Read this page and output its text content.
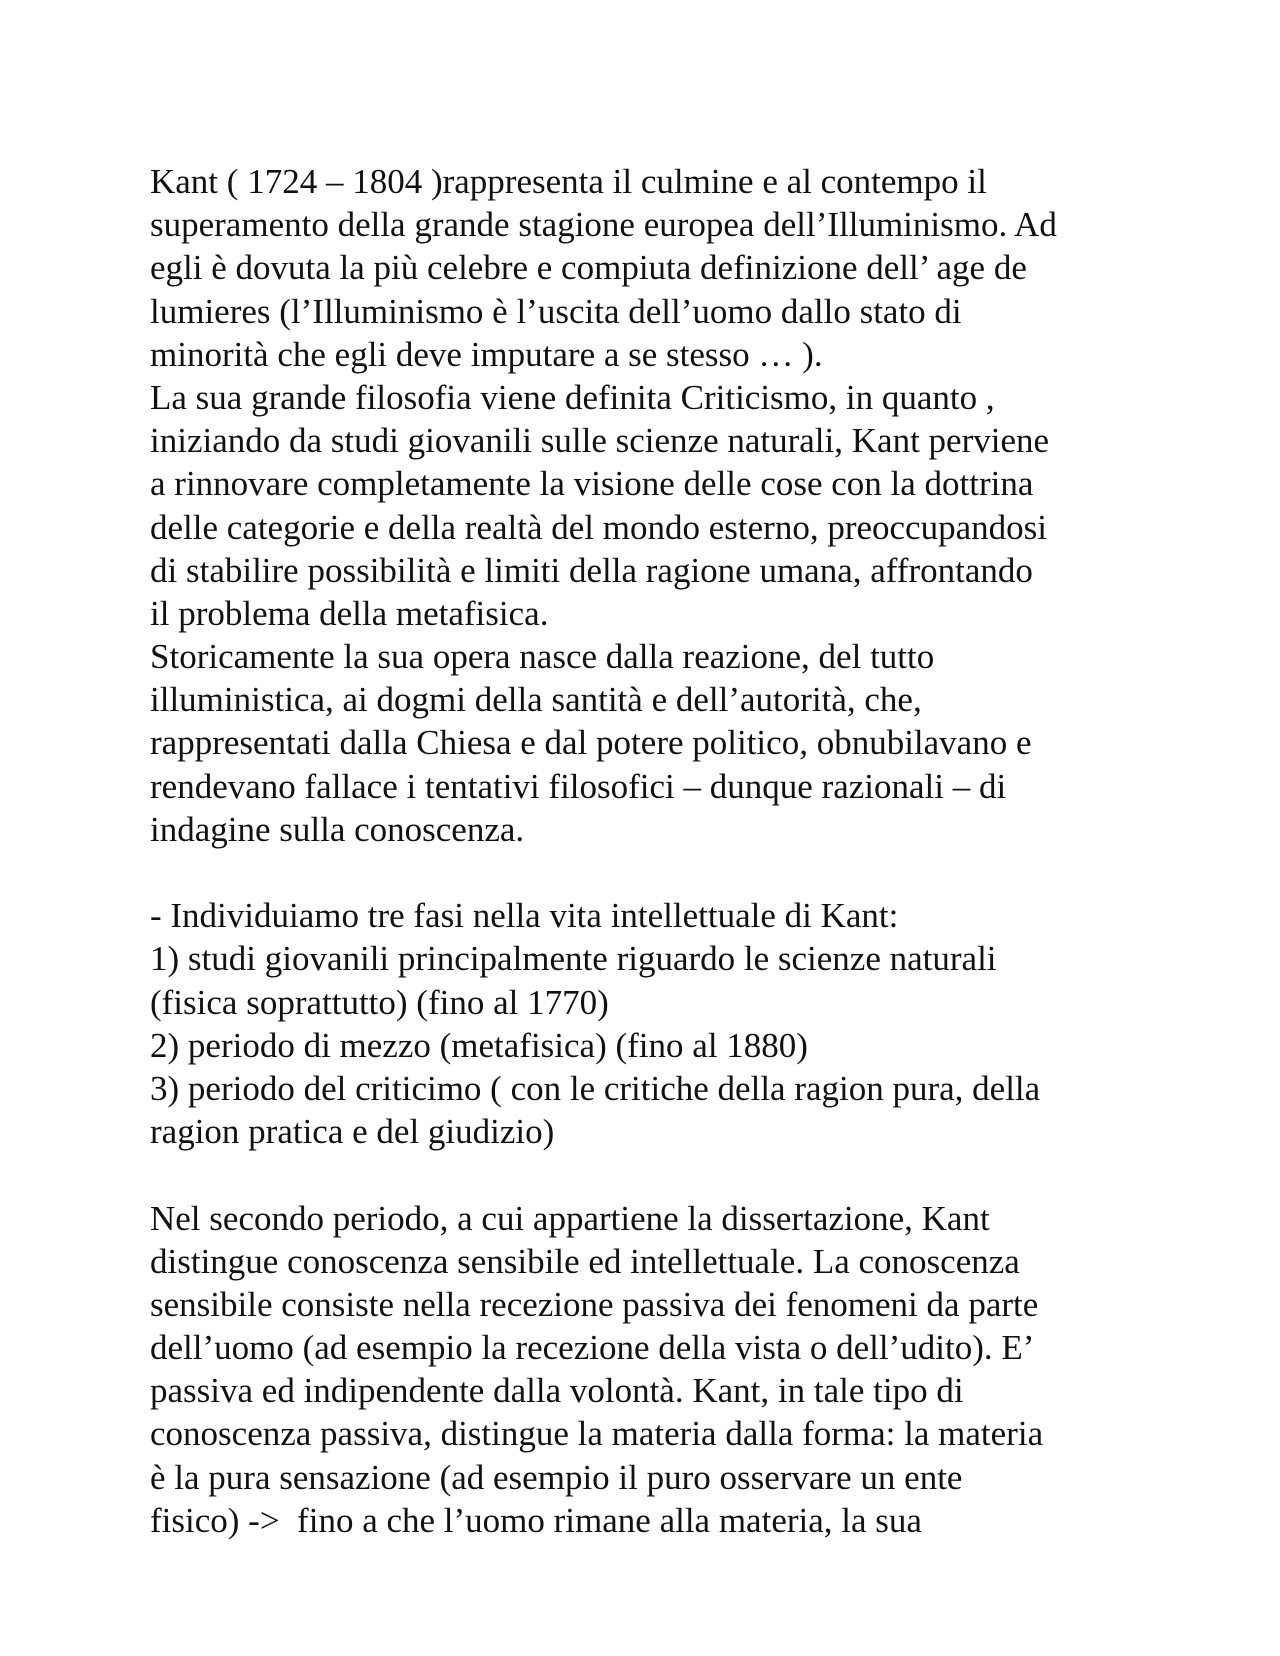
Kant ( 1724 – 1804 )rappresenta il culmine e al contempo il
superamento della grande stagione europea dell’Illuminismo. Ad
egli è dovuta la più celebre e compiuta definizione dell’ age de
lumieres (l’Illuminismo è l’uscita dell’uomo dallo stato di
minorità che egli deve imputare a se stesso … ).
La sua grande filosofia viene definita Criticismo, in quanto ,
iniziando da studi giovanili sulle scienze naturali, Kant perviene
a rinnovare completamente la visione delle cose con la dottrina
delle categorie e della realtà del mondo esterno, preoccupandosi
di stabilire possibilità e limiti della ragione umana, affrontando
il problema della metafisica.
Storicamente la sua opera nasce dalla reazione, del tutto
illuministica, ai dogmi della santità e dell’autorità, che,
rappresentati dalla Chiesa e dal potere politico, obnubilavano e
rendevano fallace i tentativi filosofici – dunque razionali – di
indagine sulla conoscenza.
- Individuiamo tre fasi nella vita intellettuale di Kant:
1) studi giovanili principalmente riguardo le scienze naturali
(fisica soprattutto) (fino al 1770)
2) periodo di mezzo (metafisica) (fino al 1880)
3) periodo del criticimo ( con le critiche della ragion pura, della
ragion pratica e del giudizio)
Nel secondo periodo, a cui appartiene la dissertazione, Kant
distingue conoscenza sensibile ed intellettuale. La conoscenza
sensibile consiste nella recezione passiva dei fenomeni da parte
dell’uomo (ad esempio la recezione della vista o dell’udito). E’
passiva ed indipendente dalla volontà. Kant, in tale tipo di
conoscenza passiva, distingue la materia dalla forma: la materia
è la pura sensazione (ad esempio il puro osservare un ente
fisico) ->  fino a che l’uomo rimane alla materia, la sua
